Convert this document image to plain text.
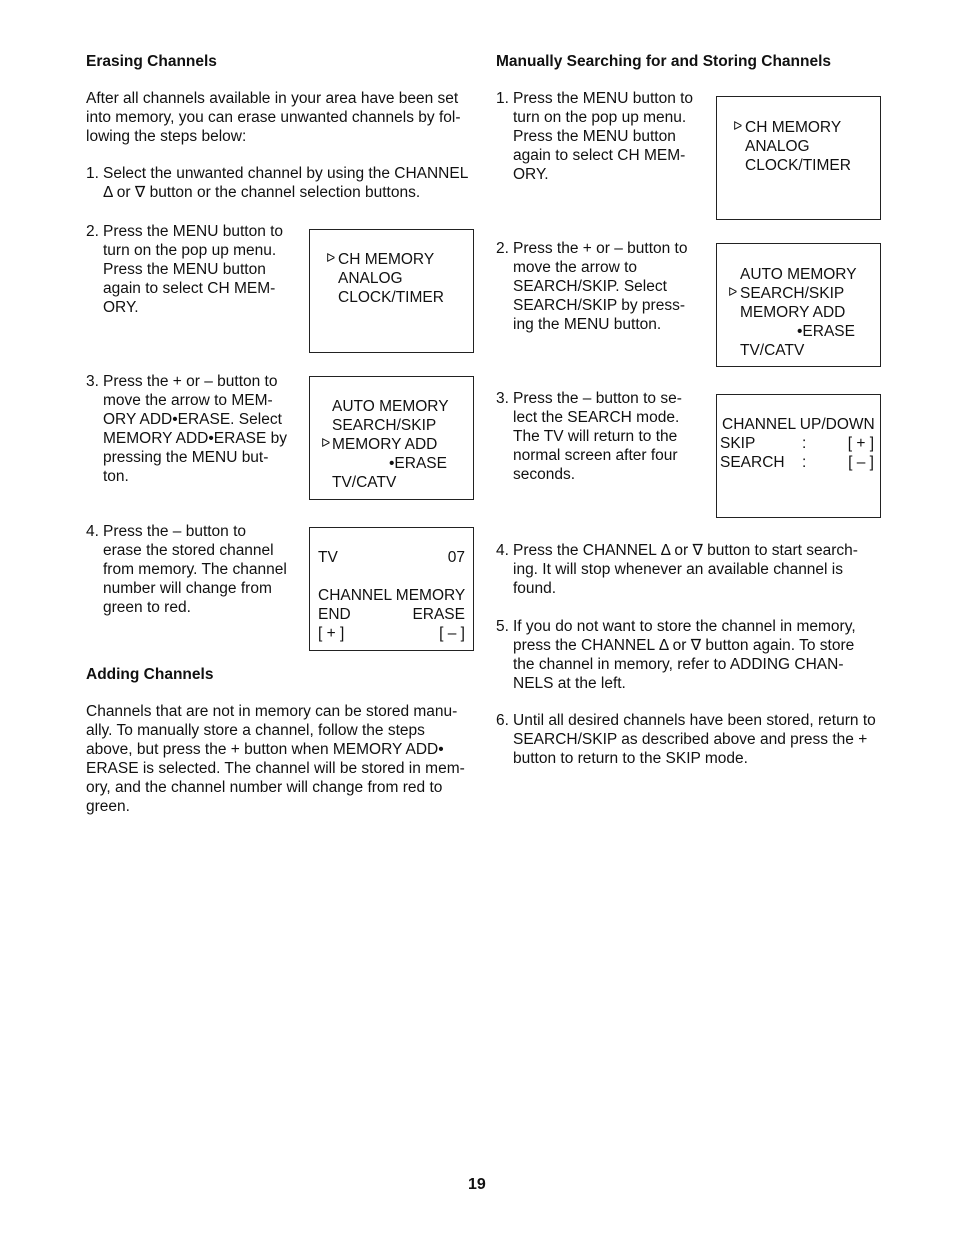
Erasing Channels
After all channels available in your area have been set
into memory, you can erase unwanted channels by fol-
lowing the steps below:

1. Select the unwanted channel by using the CHANNEL
Δ or ∇ button or the channel selection buttons.

2. Press the MENU button to
turn on the pop up menu.
Press the MENU button
again to select CH MEM-
ORY.

3. Press the + or – button to
move the arrow to MEM-
ORY ADD•ERASE. Select
MEMORY ADD•ERASE by
pressing the MENU but-
ton.

4. Press the – button to
erase the stored channel
from memory. The channel
number will change from
green to red.

Adding Channels
Channels that are not in memory can be stored manu-
ally. To manually store a channel, follow the steps
above, but press the + button when MEMORY ADD•
ERASE is selected. The channel will be stored in mem-
ory, and the channel number will change from red to
green.
ᐅ CH MEMORY
ANALOG
CLOCK/TIMER
AUTO MEMORY
SEARCH/SKIP
ᐅ MEMORY ADD
•ERASE
TV/CATV
TV	07
CHANNEL MEMORY
END	ERASE
[ + ]	[ – ]
Manually Searching for and Storing Channels

1. Press the MENU button to
turn on the pop up menu.
Press the MENU button
again to select CH MEM-
ORY.

2. Press the + or – button to
move the arrow to
SEARCH/SKIP. Select
SEARCH/SKIP by press-
ing the MENU button.

3. Press the – button to se-
lect the SEARCH mode.
The TV will return to the
normal screen after four
seconds.

4. Press the CHANNEL Δ or ∇ button to start search-
ing. It will stop whenever an available channel is
found.

5. If you do not want to store the channel in memory,
press the CHANNEL Δ or ∇ button again. To store
the channel in memory, refer to ADDING CHAN-
NELS at the left.

6. Until all desired channels have been stored, return to
SEARCH/SKIP as described above and press the +
button to return to the SKIP mode.

ᐅ CH MEMORY
ANALOG
CLOCK/TIMER
AUTO MEMORY
ᐅ SEARCH/SKIP
MEMORY ADD
•ERASE
TV/CATV
CHANNEL UP/DOWN
SKIP	:	[ + ]
SEARCH :	[ – ]
19
